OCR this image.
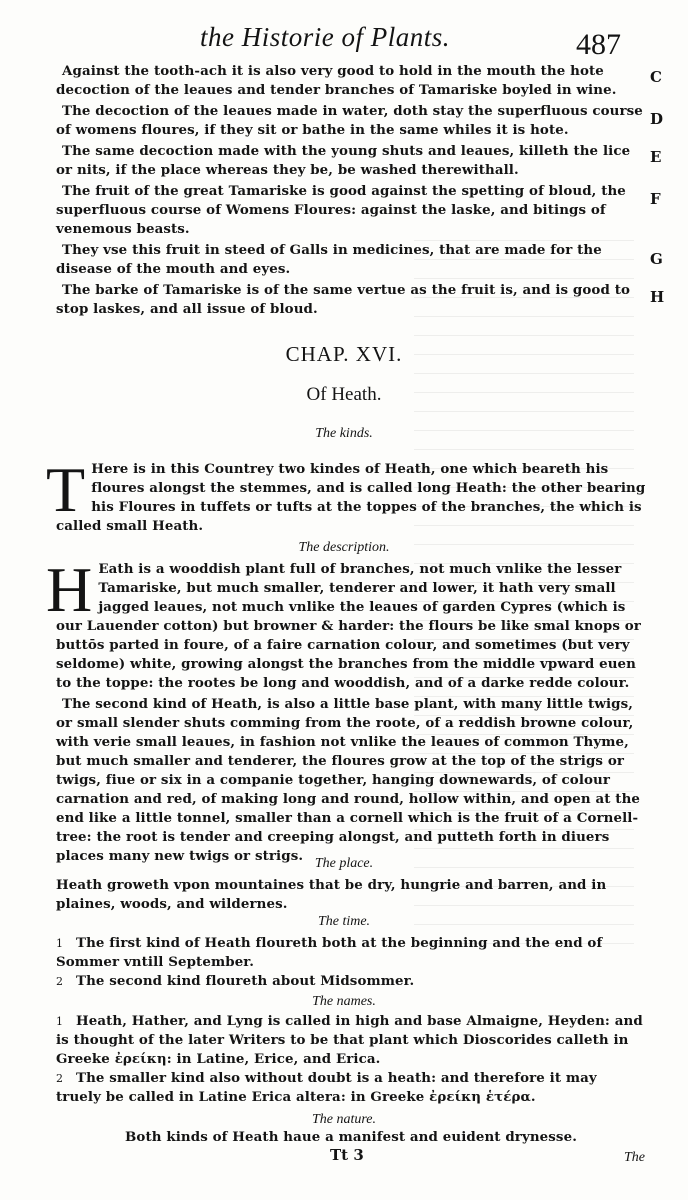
the Historie of Plants.	487

Against the tooth-ach it is also very good to hold in the mouth the hote decoction of the leaues and tender branches of Tamariske boyled in wine.

The decoction of the leaues made in water, doth stay the superfluous course of womens floures, if they sit or bathe in the same whiles it is hote.

The same decoction made with the young shuts and leaues, killeth the lice or nits, if the place whereas they be, be washed therewithall.

The fruit of the great Tamariske is good against the spetting of bloud, the superfluous course of Womens Floures: against the laske, and bitings of venemous beasts.

They vse this fruit in steed of Galls in medicines, that are made for the disease of the mouth and eyes.

The barke of Tamariske is of the same vertue as the fruit is, and is good to stop laskes, and all issue of bloud.

C
D
E
F
G
H
CHAP. XVI.
Of Heath.
The kinds.
T Here is in this Countrey two kindes of Heath, one which beareth his floures alongst the stemmes, and is called long Heath: the other bearing his Floures in tuffets or tufts at the toppes of the branches, the which is called small Heath.
The description.

H Eath is a wooddish plant full of branches, not much vnlike the lesser Tamariske, but much smaller, tenderer and lower, it hath very small jagged leaues, not much vnlike the leaues of garden Cypres (which is our Lauender cotton) but browner & harder: the flours be like smal knops or buttōs parted in foure, of a faire carnation colour, and sometimes (but very seldome) white, growing alongst the branches from the middle vpward euen to the toppe: the rootes be long and wooddish, and of a darke redde colour.

The second kind of Heath, is also a little base plant, with many little twigs, or small slender shuts comming from the roote, of a reddish browne colour, with verie small leaues, in fashion not vnlike the leaues of common Thyme, but much smaller and tenderer, the floures grow at the top of the strigs or twigs, fiue or six in a companie together, hanging downewards, of colour carnation and red, of making long and round, hollow within, and open at the end like a little tonnel, smaller than a cornell which is the fruit of a Cornell-tree: the root is tender and creeping alongst, and putteth forth in diuers places many new twigs or strigs. The place.
Heath groweth vpon mountaines that be dry, hungrie and barren, and in plaines, woods, and wildernes.
The time.

1 The first kind of Heath floureth both at the beginning and the end of Sommer vntill September.

2 The second kind floureth about Midsommer.

The names.

1 Heath, Hather, and Lyng is called in high and base Almaigne, Heyden: and is thought of the later Writers to be that plant which Dioscorides calleth in Greeke ἐρείκη: in Latine, Erice, and Erica.

2 The smaller kind also without doubt is a heath: and therefore it may truely be called in Latine Erica altera: in Greeke ἐρείκη ἑτέρα.

The nature.
Both kinds of Heath haue a manifest and euident drynesse.
Tt 3	The
